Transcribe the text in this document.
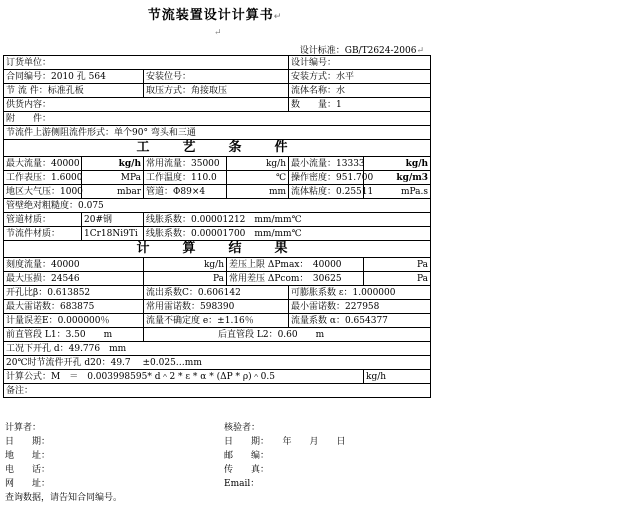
节流装置设计计算书↵
↵
设计标准：GB/T2624-2006↵
订货单位：				设计编号：	
合同编号：2010 孔 564		安装位号：		安装方式：水平	
节 流 件：标准孔板		取压方式：角接取压		流体名称：水	
供货内容：				数　　量：1	
附　　件：					
节流件上游侧阻流件形式：单个90° 弯头和三通					
工　艺　条　件					
最大流量：40000	kg/h	常用流量：35000	kg/h	最小流量：13333	kg/h
工作表压：1.6000	MPa	工作温度：110.0	℃	操作密度：951.700	kg/m3
地区大气压：1000	mbar	管道：Φ89×4	mm	流体粘度：0.25511	mPa.s
管壁绝对粗糙度：0.075					
管道材质：	20#钢	线胀系数：0.00001212　mm/mm℃			
节流件材质：	1Cr18Ni9Ti	线胀系数：0.00001700　mm/mm℃			
计　算　结　果					
刻度流量：40000		kg/h	差压上限 ΔPmax：　40000		Pa
最大压损：24546		Pa	常用差压 ΔPcom：　30625		Pa
开孔比β：0.613852		流出系数C：0.606142		可膨胀系数 ε：1.000000	
最大雷诺数：683875		常用雷诺数：598390		最小雷诺数：227958	
计量误差E：0.000000％		流量不确定度 e：±1.16％		流量系数 α：0.654377	
前直管段 L1：3.50　　 m	　　　　　　　　	后直管段 L2：0.60　　 m			
工况下开孔 d：49.776　mm					
20℃时节流件开孔 d20：49.7　 ±0.025…mm					
计算公式：M　＝　0.003998595* d＾2 * ε * α * (ΔP * ρ)＾0.5					kg/h
备注：					
计算者：	核验者：
日　　期：	日　　期：　　年　　月　　日
地　　址：	邮　　编：
电　　话：	传　　真：
网　　址：	Email：
查询数据，请告知合同编号。
